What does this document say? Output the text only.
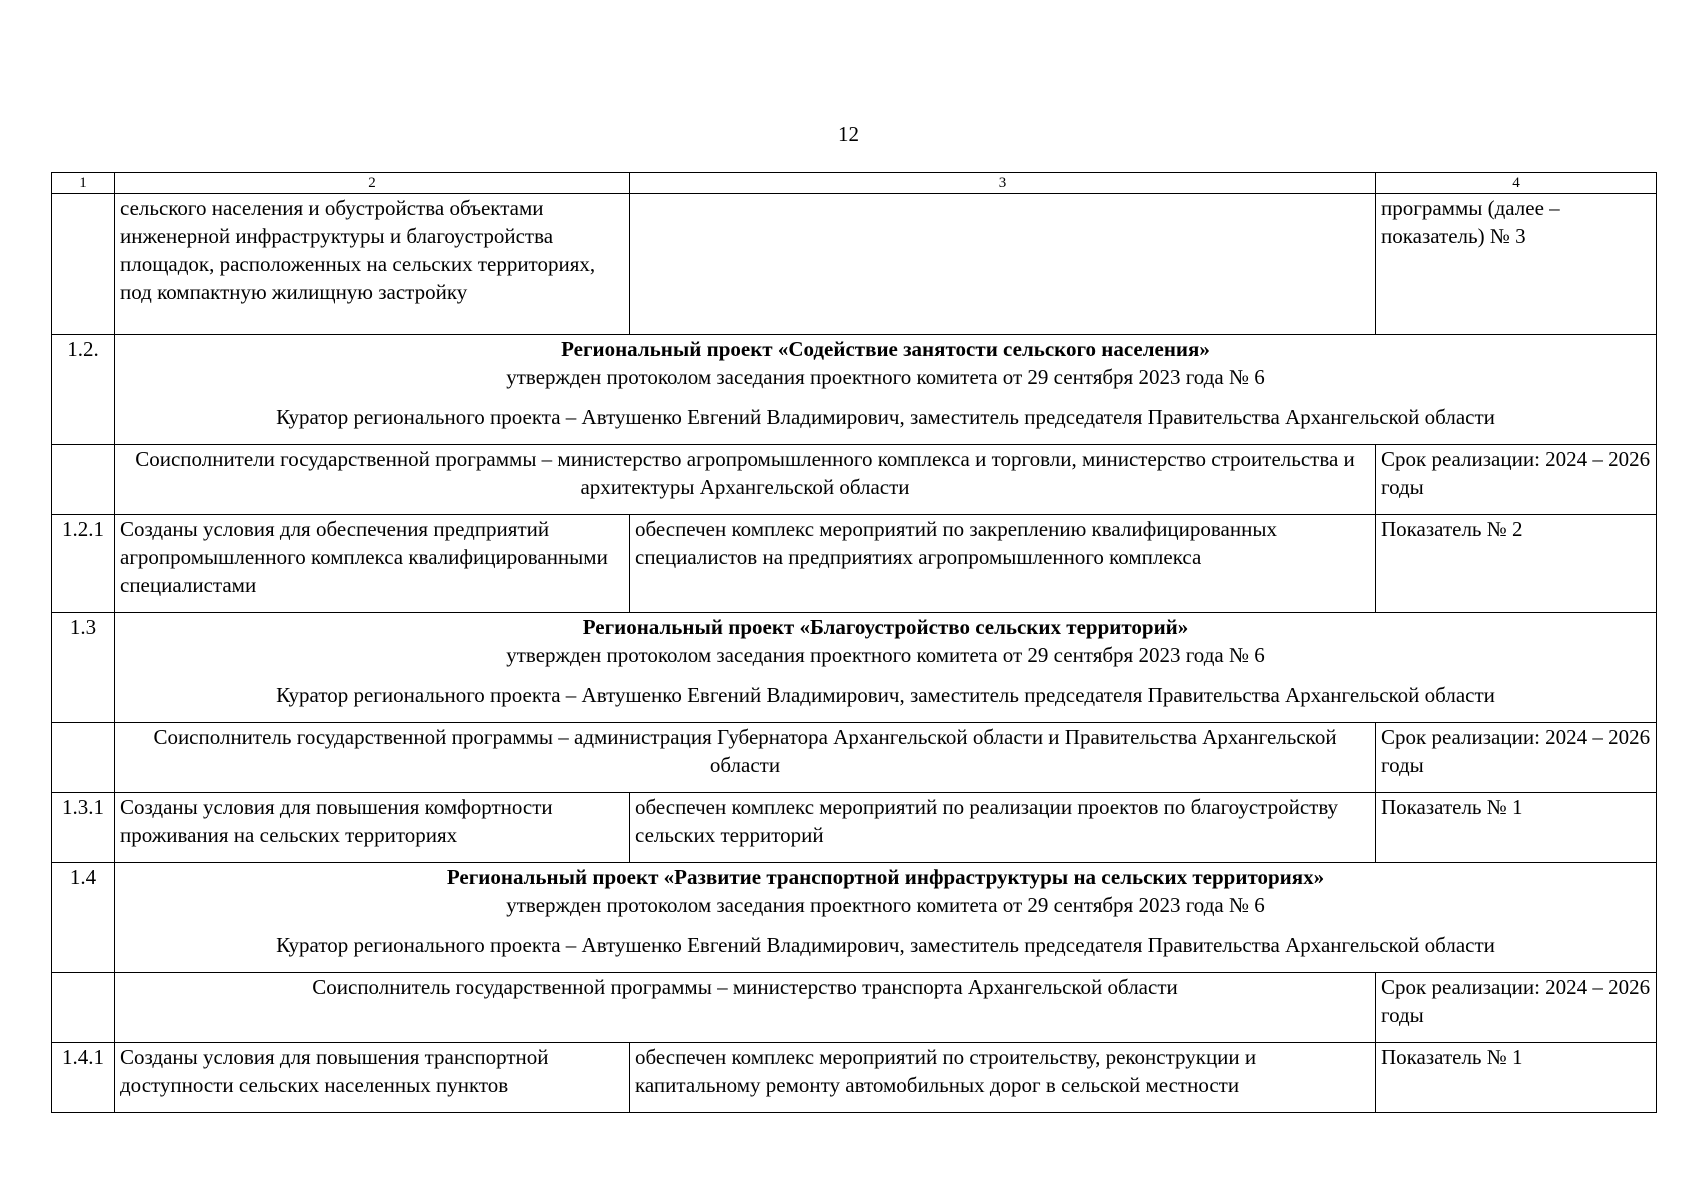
12
1	2	3	4
	сельского населения и обустройства объектами инженерной инфраструктуры и благоустройства площадок, расположенных на сельских территориях, под компактную жилищную застройку		программы (далее – показатель) № 3
1.2.	Региональный проект «Содействие занятости сельского населения»
утвержден протоколом заседания проектного комитета от 29 сентября 2023 года № 6
Куратор регионального проекта – Автушенко Евгений Владимирович, заместитель председателя Правительства Архангельской области		

	Соисполнители государственной программы – министерство агропромышленного комплекса и торговли, министерство строительства и архитектуры Архангельской области		Срок реализации: 2024 – 2026 годы
1.2.1	Созданы условия для обеспечения предприятий агропромышленного комплекса квалифицированными специалистами	обеспечен комплекс мероприятий по закреплению квалифицированных специалистов на предприятиях агропромышленного комплекса	Показатель № 2
1.3	Региональный проект «Благоустройство сельских территорий»
утвержден протоколом заседания проектного комитета от 29 сентября 2023 года № 6
Куратор регионального проекта – Автушенко Евгений Владимирович, заместитель председателя Правительства Архангельской области		

	Соисполнитель государственной программы – администрация Губернатора Архангельской области и Правительства Архангельской области		Срок реализации: 2024 – 2026 годы
1.3.1	Созданы условия для повышения комфортности проживания на сельских территориях	обеспечен комплекс мероприятий по реализации проектов по благоустройству сельских территорий	Показатель № 1
1.4	Региональный проект «Развитие транспортной инфраструктуры на сельских территориях»
утвержден протоколом заседания проектного комитета от 29 сентября 2023 года № 6
Куратор регионального проекта – Автушенко Евгений Владимирович, заместитель председателя Правительства Архангельской области		

	Соисполнитель государственной программы – министерство транспорта Архангельской области		Срок реализации: 2024 – 2026 годы
1.4.1	Созданы условия для повышения транспортной доступности сельских населенных пунктов	обеспечен комплекс мероприятий по строительству, реконструкции и капитальному ремонту автомобильных дорог в сельской местности	Показатель № 1
